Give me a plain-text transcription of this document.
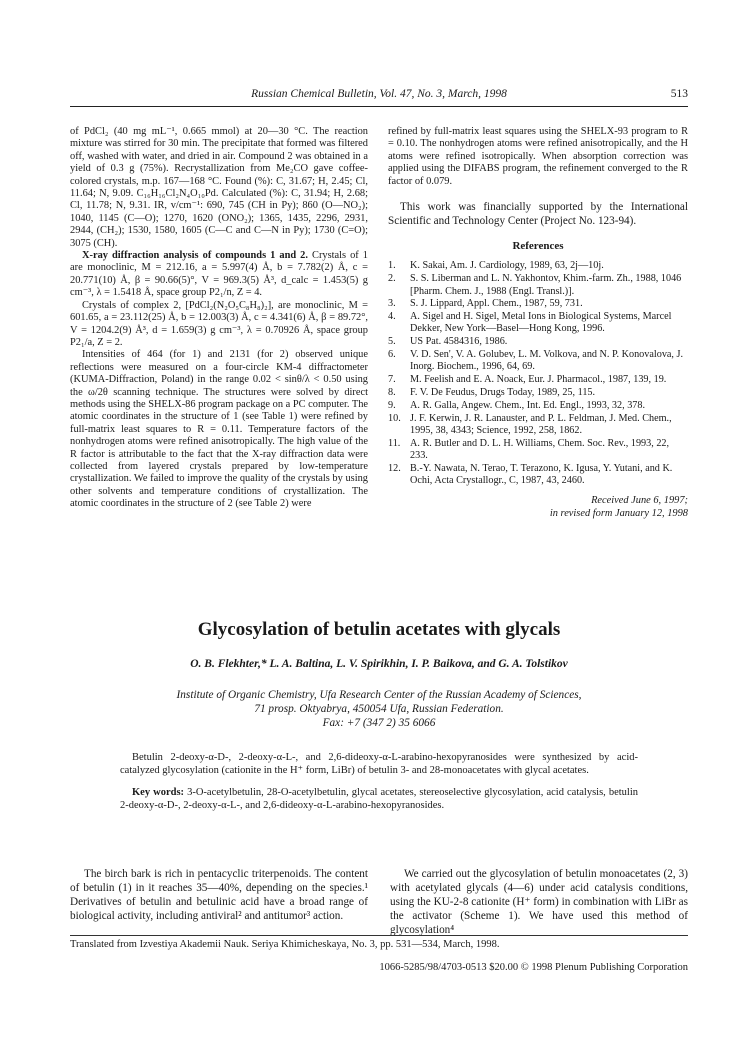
Russian Chemical Bulletin, Vol. 47, No. 3, March, 1998	513

of PdCl₂ (40 mg mL⁻¹, 0.665 mmol) at 20—30 °C. The reaction mixture was stirred for 30 min. The precipitate that formed was filtered off, washed with water, and dried in air. Compound 2 was obtained in a yield of 0.3 g (75%). Recrystallization from Me₂CO gave coffee-colored crystals, m.p. 167—168 °C. Found (%): C, 31.67; H, 2.45; Cl, 11.64; N, 9.09. C₁₆H₁₆Cl₂N₄O₁₀Pd. Calculated (%): C, 31.94; H, 2.68; Cl, 11.78; N, 9.31. IR, v/cm⁻¹: 690, 745 (CH in Py); 860 (O—NO₂); 1040, 1145 (C—O); 1270, 1620 (ONO₂); 1365, 1435, 2296, 2931, 2944, (CH₂); 1530, 1580, 1605 (C—C and C—N in Py); 1730 (C=O); 3075 (CH).

X-ray diffraction analysis of compounds 1 and 2. Crystals of 1 are monoclinic, M = 212.16, a = 5.997(4) Å, b = 7.782(2) Å, c = 20.771(10) Å, β = 90.66(5)°, V = 969.3(5) Å³, d_calc = 1.453(5) g cm⁻³, λ = 1.5418 Å, space group P2₁/n, Z = 4.

Crystals of complex 2, [PdCl₂(N₂O₅C₈H₈)₂], are monoclinic, M = 601.65, a = 23.112(25) Å, b = 12.003(3) Å, c = 4.341(6) Å, β = 89.72°, V = 1204.2(9) Å³, d = 1.659(3) g cm⁻³, λ = 0.70926 Å, space group P2₁/a, Z = 2.

Intensities of 464 (for 1) and 2131 (for 2) observed unique reflections were measured on a four-circle KM-4 diffractometer (KUMA-Diffraction, Poland) in the range 0.02 < sinθ/λ < 0.50 using the ω/2θ scanning technique. The structures were solved by direct methods using the SHELX-86 program package on a PC computer. The atomic coordinates in the structure of 1 (see Table 1) were refined by full-matrix least squares to R = 0.11. Temperature factors of the nonhydrogen atoms were refined anisotropically. The high value of the R factor is attributable to the fact that the X-ray diffraction data were collected from layered crystals prepared by low-temperature crystallization. We failed to improve the quality of the crystals by using other solvents and temperature conditions of crystallization. The atomic coordinates in the structure of 2 (see Table 2) were

refined by full-matrix least squares using the SHELX-93 program to R = 0.10. The nonhydrogen atoms were refined anisotropically, and the H atoms were refined isotropically. When absorption correction was applied using the DIFABS program, the refinement converged to the R factor of 0.079.

This work was financially supported by the International Scientific and Technology Center (Project No. 123-94).

References
1. K. Sakai, Am. J. Cardiology, 1989, 63, 2j—10j.
2. S. S. Liberman and L. N. Yakhontov, Khim.-farm. Zh., 1988, 1046 [Pharm. Chem. J., 1988 (Engl. Transl.)].
3. S. J. Lippard, Appl. Chem., 1987, 59, 731.
4. A. Sigel and H. Sigel, Metal Ions in Biological Systems, Marcel Dekker, New York—Basel—Hong Kong, 1996.
5. US Pat. 4584316, 1986.
6. V. D. Sen', V. A. Golubev, L. M. Volkova, and N. P. Konovalova, J. Inorg. Biochem., 1996, 64, 69.
7. M. Feelish and E. A. Noack, Eur. J. Pharmacol., 1987, 139, 19.
8. F. V. De Feudus, Drugs Today, 1989, 25, 115.
9. A. R. Galla, Angew. Chem., Int. Ed. Engl., 1993, 32, 378.
10. J. F. Kerwin, J. R. Lanauster, and P. L. Feldman, J. Med. Chem., 1995, 38, 4343; Science, 1992, 258, 1862.
11. A. R. Butler and D. L. H. Williams, Chem. Soc. Rev., 1993, 22, 233.
12. B.-Y. Nawata, N. Terao, T. Terazono, K. Igusa, Y. Yutani, and K. Ochi, Acta Crystallogr., C, 1987, 43, 2460.
Received June 6, 1997;
in revised form January 12, 1998
Glycosylation of betulin acetates with glycals
O. B. Flekhter,* L. A. Baltina, L. V. Spirikhin, I. P. Baikova, and G. A. Tolstikov
Institute of Organic Chemistry, Ufa Research Center of the Russian Academy of Sciences,
71 prosp. Oktyabrya, 450054 Ufa, Russian Federation.
Fax: +7 (347 2) 35 6066

Betulin 2-deoxy-α-D-, 2-deoxy-α-L-, and 2,6-dideoxy-α-L-arabino-hexopyranosides were synthesized by acid-catalyzed glycosylation (cationite in the H⁺ form, LiBr) of betulin 3- and 28-monoacetates with glycal acetates.

Key words: 3-O-acetylbetulin, 28-O-acetylbetulin, glycal acetates, stereoselective glycosylation, acid catalysis, betulin 2-deoxy-α-D-, 2-deoxy-α-L-, and 2,6-dideoxy-α-L-arabino-hexopyranosides.

The birch bark is rich in pentacyclic triterpenoids. The content of betulin (1) in it reaches 35—40%, depending on the species.¹ Derivatives of betulin and betulinic acid have a broad range of biological activity, including antiviral² and antitumor³ action.

We carried out the glycosylation of betulin monoacetates (2, 3) with acetylated glycals (4—6) under acid catalysis conditions, using the KU-2-8 cationite (H⁺ form) in combination with LiBr as the activator (Scheme 1). We have used this method of glycosylation⁴

Translated from Izvestiya Akademii Nauk. Seriya Khimicheskaya, No. 3, pp. 531—534, March, 1998.
1066-5285/98/4703-0513 $20.00 © 1998 Plenum Publishing Corporation
